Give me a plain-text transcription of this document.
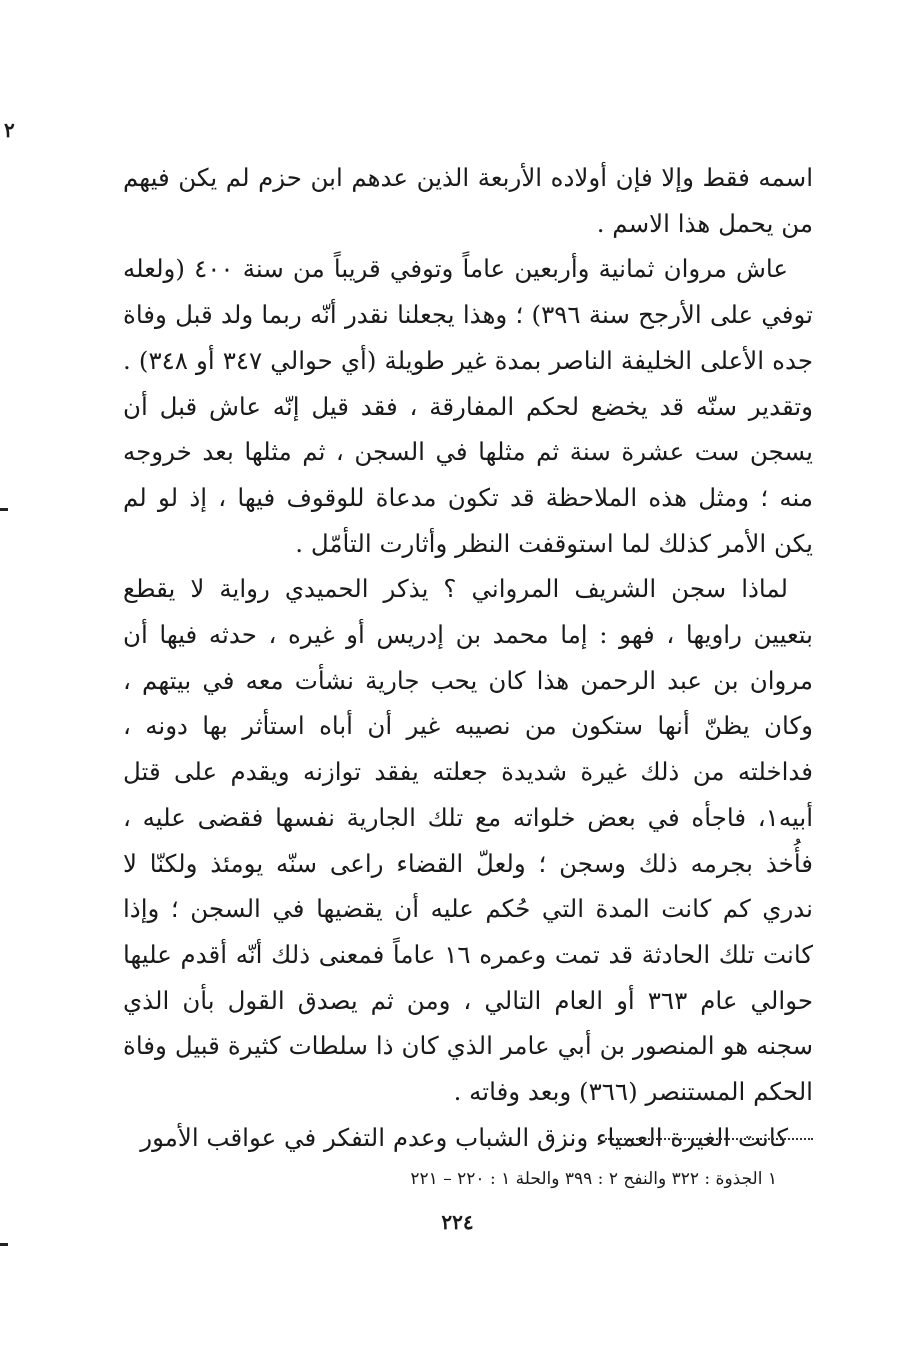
٢

اسمه فقط وإلا فإن أولاده الأربعة الذين عدهم ابن حزم لم يكن فيهم من يحمل هذا الاسم .

عاش مروان ثمانية وأربعين عاماً وتوفي قريباً من سنة ٤٠٠ (ولعله توفي على الأرجح سنة ٣٩٦) ؛ وهذا يجعلنا نقدر أنّه ربما ولد قبل وفاة جده الأعلى الخليفة الناصر بمدة غير طويلة (أي حوالي ٣٤٧ أو ٣٤٨) . وتقدير سنّه قد يخضع لحكم المفارقة ، فقد قيل إنّه عاش قبل أن يسجن ست عشرة سنة ثم مثلها في السجن ، ثم مثلها بعد خروجه منه ؛ ومثل هذه الملاحظة قد تكون مدعاة للوقوف فيها ، إذ لو لم يكن الأمر كذلك لما استوقفت النظر وأثارت التأمّل .

لماذا سجن الشريف المرواني ؟ يذكر الحميدي رواية لا يقطع بتعيين راويها ، فهو : إما محمد بن إدريس أو غيره ، حدثه فيها أن مروان بن عبد الرحمن هذا كان يحب جارية نشأت معه في بيتهم ، وكان يظنّ أنها ستكون من نصيبه غير أن أباه استأثر بها دونه ، فداخلته من ذلك غيرة شديدة جعلته يفقد توازنه ويقدم على قتل أبيه١، فاجأه في بعض خلواته مع تلك الجارية نفسها فقضى عليه ، فأُخذ بجرمه ذلك وسجن ؛ ولعلّ القضاء راعى سنّه يومئذ ولكنّا لا ندري كم كانت المدة التي حُكم عليه أن يقضيها في السجن ؛ وإذا كانت تلك الحادثة قد تمت وعمره ١٦ عاماً فمعنى ذلك أنّه أقدم عليها حوالي عام ٣٦٣ أو العام التالي ، ومن ثم يصدق القول بأن الذي سجنه هو المنصور بن أبي عامر الذي كان ذا سلطات كثيرة قبيل وفاة الحكم المستنصر (٣٦٦) وبعد وفاته .

كانت الغيرة العمياء ونزق الشباب وعدم التفكر في عواقب الأمور

١ الجذوة : ٣٢٢ والنفح ٢ : ٣٩٩ والحلة ١ : ٢٢٠ – ٢٢١
٢٢٤
